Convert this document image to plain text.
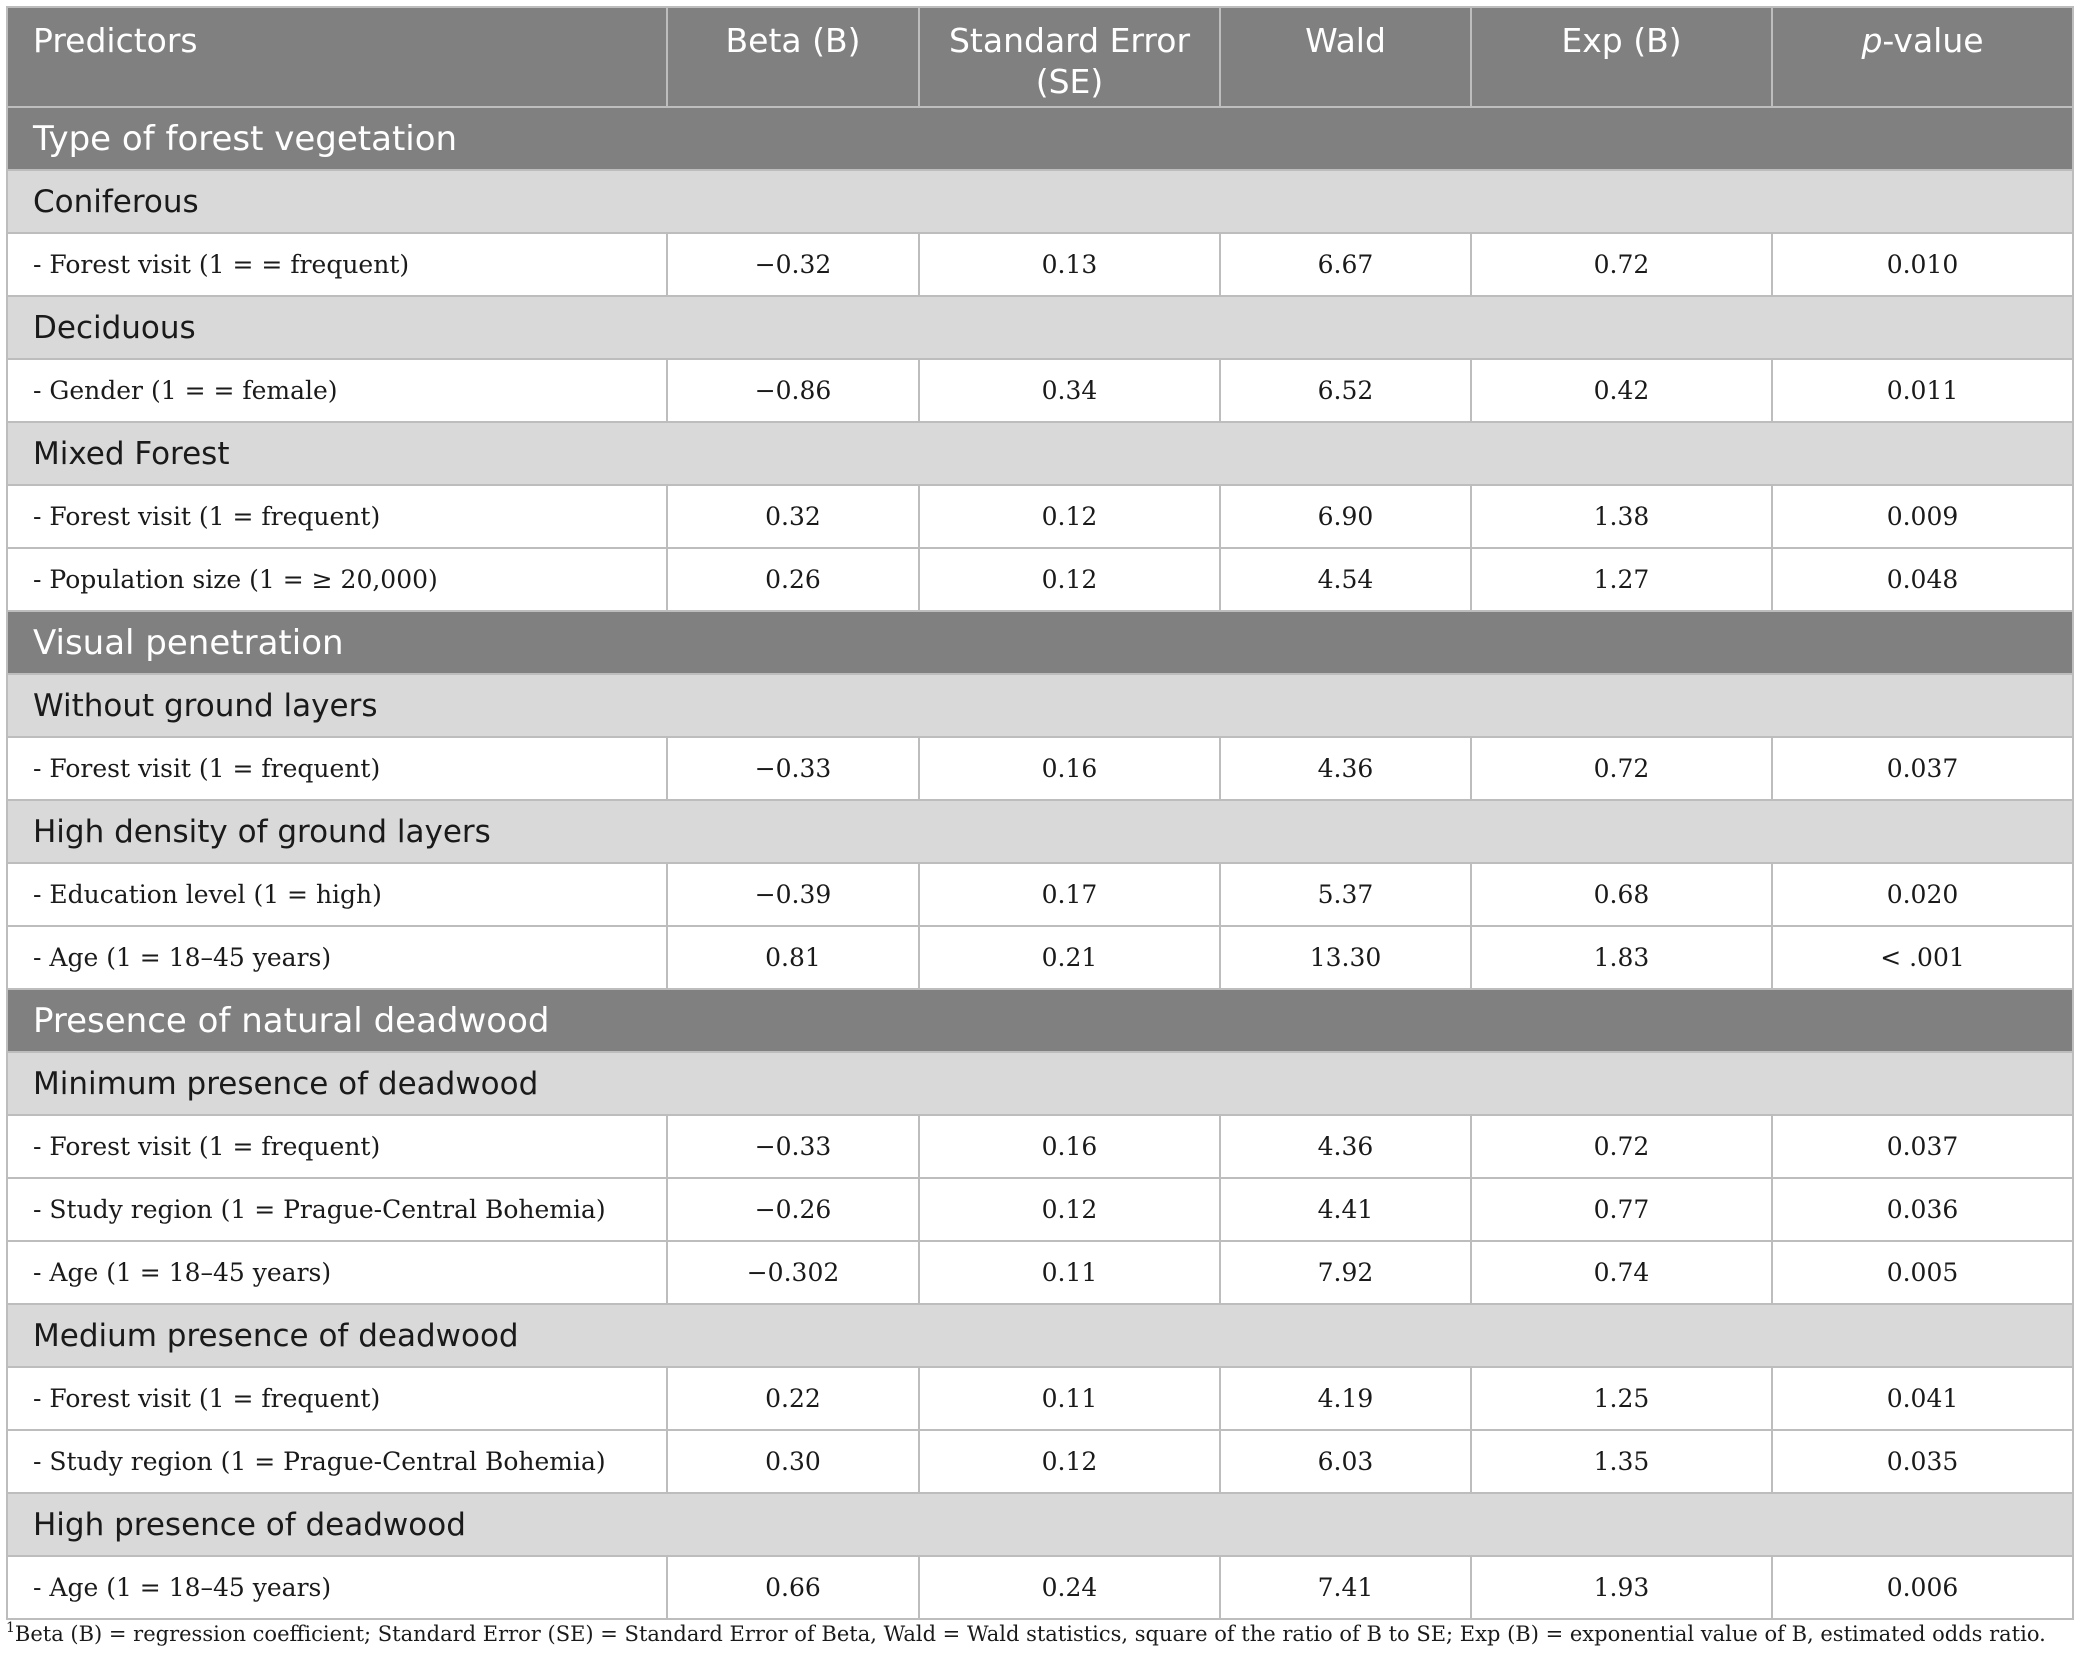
Predictors	Beta (B)	Standard Error (SE)	Wald	Exp (B)	p-value
Type of forest vegetation					
Coniferous					
- Forest visit (1 = = frequent)	−0.32	0.13	6.67	0.72	0.010
Deciduous					
- Gender (1 = = female)	−0.86	0.34	6.52	0.42	0.011
Mixed Forest					
- Forest visit (1 = frequent)	0.32	0.12	6.90	1.38	0.009
- Population size (1 = ≥ 20,000)	0.26	0.12	4.54	1.27	0.048
Visual penetration					
Without ground layers					
- Forest visit (1 = frequent)	−0.33	0.16	4.36	0.72	0.037
High density of ground layers					
- Education level (1 = high)	−0.39	0.17	5.37	0.68	0.020
- Age (1 = 18–45 years)	0.81	0.21	13.30	1.83	< .001
Presence of natural deadwood					
Minimum presence of deadwood					
- Forest visit (1 = frequent)	−0.33	0.16	4.36	0.72	0.037
- Study region (1 = Prague-Central Bohemia)	−0.26	0.12	4.41	0.77	0.036
- Age (1 = 18–45 years)	−0.302	0.11	7.92	0.74	0.005
Medium presence of deadwood					
- Forest visit (1 = frequent)	0.22	0.11	4.19	1.25	0.041
- Study region (1 = Prague-Central Bohemia)	0.30	0.12	6.03	1.35	0.035
High presence of deadwood					
- Age (1 = 18–45 years)	0.66	0.24	7.41	1.93	0.006
$^1$Beta (B) = regression coefficient; Standard Error (SE) = Standard Error of Beta, Wald = Wald statistics, square of the ratio of B to SE; Exp (B) = exponential value of B, estimated odds ratio.
